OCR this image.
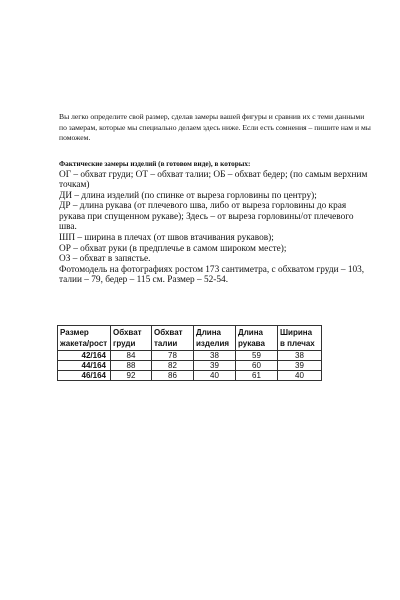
Вы легко определите свой размер, сделав замеры вашей фигуры и сравнив их с теми данными по замерам, которые мы специально делаем здесь ниже. Если есть сомнения – пишите нам и мы поможем.

Фактические замеры изделий (в готовом виде), в которых:

ОГ – обхват груди; ОТ – обхват талии; ОБ – обхват бедер; (по самым верхним точкам)
ДИ – длина изделий (по спинке от выреза горловины по центру);
ДР – длина рукава (от плечевого шва, либо от выреза горловины до края рукава при спущенном рукаве); Здесь – от выреза горловины/от плечевого шва.
ШП – ширина в плечах (от швов втачивания рукавов);
ОР – обхват руки (в предплечье в самом широком месте);
ОЗ – обхват в запястье.
Фотомодель на фотографиях ростом 173 сантиметра, с обхватом груди – 103, талии – 79, бедер – 115 см. Размер – 52-54.
Размер жакета/рост	Обхват груди	Обхват талии	Длина изделия	Длина рукава	Ширина в плечах
42/164	84	78	38	59	38
44/164	88	82	39	60	39
46/164	92	86	40	61	40
